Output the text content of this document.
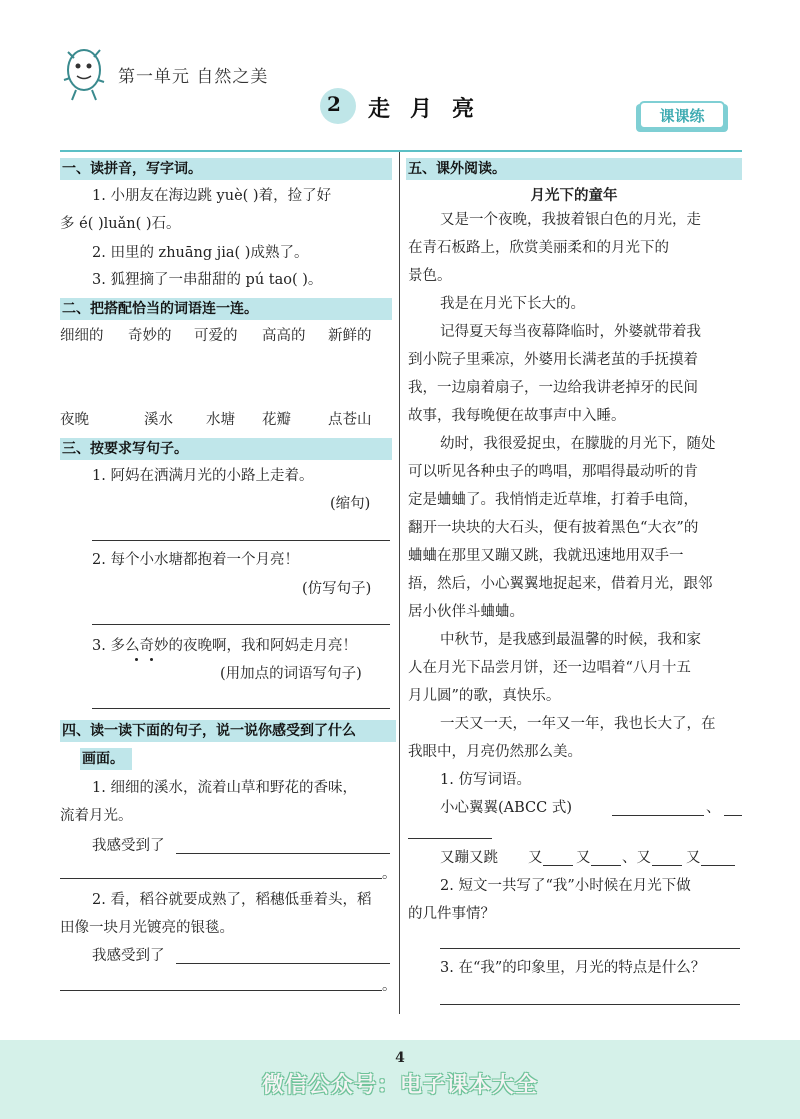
第一单元 自然之美
2 走月亮	课课练
一、读拼音，写字词。
1. 小朋友在海边跳 yuè( )着，捡了好
多 é( )luǎn( )石。
2. 田里的 zhuāng jia( )成熟了。
3. 狐狸摘了一串甜甜的 pú tao( )。
二、把搭配恰当的词语连一连。
细细的 奇妙的 可爱的 高高的 新鲜的
夜晚	溪水 水塘 花瓣	点苍山
三、按要求写句子。
1. 阿妈在洒满月光的小路上走着。
(缩句)
2. 每个小水塘都抱着一个月亮！
(仿写句子)
3. 多么奇妙的夜晚啊，我和阿妈走月亮！
(用加点的词语写句子)
四、读一读下面的句子，说一说你感受到了什么
画面。
1. 细细的溪水，流着山草和野花的香味，
流着月光。
我感受到了
。
2. 看，稻谷就要成熟了，稻穗低垂着头，稻
田像一块月光镀亮的银毯。
我感受到了
。
五、课外阅读。
月光下的童年
又是一个夜晚，我披着银白色的月光，走
在青石板路上，欣赏美丽柔和的月光下的
景色。
我是在月光下长大的。
记得夏天每当夜幕降临时，外婆就带着我
到小院子里乘凉，外婆用长满老茧的手抚摸着
我，一边扇着扇子，一边给我讲老掉牙的民间
故事，我每晚便在故事声中入睡。
幼时，我很爱捉虫，在朦胧的月光下，随处
可以听见各种虫子的鸣唱，那唱得最动听的肯
定是蛐蛐了。我悄悄走近草堆，打着手电筒，
翻开一块块的大石头，便有披着黑色“大衣”的
蛐蛐在那里又蹦又跳，我就迅速地用双手一
捂，然后，小心翼翼地捉起来，借着月光，跟邻
居小伙伴斗蛐蛐。
中秋节，是我感到最温馨的时候，我和家
人在月光下品尝月饼，还一边唱着“八月十五
月儿圆”的歌，真快乐。
一天又一天，一年又一年，我也长大了，在
我眼中，月亮仍然那么美。
1. 仿写词语。
小心翼翼(ABCC 式)	、
又蹦又跳 又 又 、又 又
2. 短文一共写了“我”小时候在月光下做
的几件事情？
3. 在“我”的印象里，月光的特点是什么？
4
微信公众号：电子课本大全
